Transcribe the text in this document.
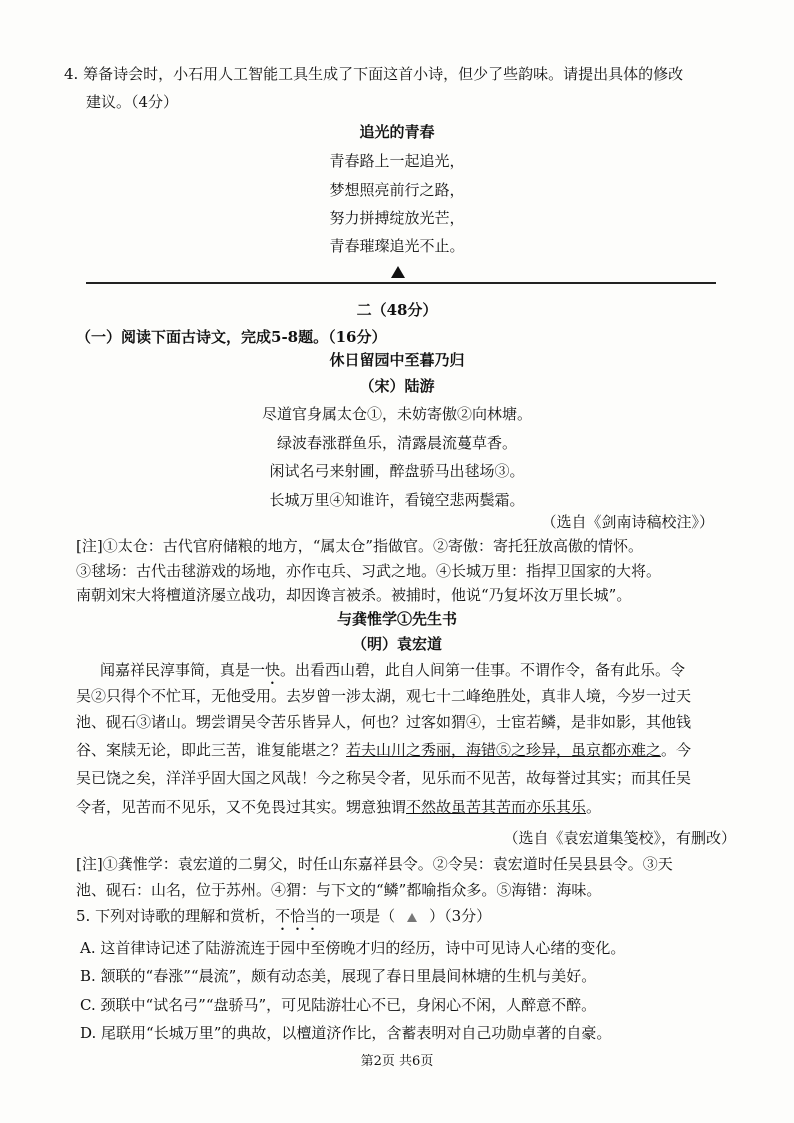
4. 筹备诗会时，小石用人工智能工具生成了下面这首小诗，但少了些韵味。请提出具体的修改
建议。（4分）
追光的青春
青春路上一起追光，
梦想照亮前行之路，
努力拼搏绽放光芒，
青春璀璨追光不止。
二（48分）
（一）阅读下面古诗文，完成5-8题。（16分）
休日留园中至暮乃归
（宋）陆游
尽道官身属太仓①，未妨寄傲②向林塘。
绿波春涨群鱼乐，清露晨流蔓草香。
闲试名弓来射圃，醉盘骄马出毬场③。
长城万里④知谁许，看镜空悲两鬓霜。
（选自《剑南诗稿校注》）
[注]①太仓：古代官府储粮的地方，“属太仓”指做官。②寄傲：寄托狂放高傲的情怀。
③毬场：古代击毬游戏的场地，亦作屯兵、习武之地。④长城万里：指捍卫国家的大将。
南朝刘宋大将檀道济屡立战功，却因谗言被杀。被捕时，他说“乃复坏汝万里长城”。
与龚惟学①先生书
（明）袁宏道
闻嘉祥民淳事简，真是一快。出看西山碧，此自人间第一佳事。不谓作令，备有此乐。令
吴②只得个不忙耳，无他受用。去岁曾一涉太湖，观七十二峰绝胜处，真非人境，今岁一过天
池、砚石③诸山。甥尝谓吴令苦乐皆异人，何也？过客如猬④，士宦若鳞，是非如影，其他钱
谷、案牍无论，即此三苦，谁复能堪之？若夫山川之秀丽，海错⑤之珍异，虽京都亦难之。今
吴已饶之矣，洋洋乎固大国之风哉！今之称吴令者，见乐而不见苦，故每誉过其实；而其任吴
令者，见苦而不见乐，又不免畏过其实。甥意独谓不然故虽苦其苦而亦乐其乐。
（选自《袁宏道集笺校》，有删改）
[注]①龚惟学：袁宏道的二舅父，时任山东嘉祥县令。②令吴：袁宏道时任吴县县令。③天
池、砚石：山名，位于苏州。④猬：与下文的“鳞”都喻指众多。⑤海错：海味。
5. 下列对诗歌的理解和赏析，不恰当的一项是（ ）（3分）
A. 这首律诗记述了陆游流连于园中至傍晚才归的经历，诗中可见诗人心绪的变化。
B. 颔联的“春涨”“晨流”，颇有动态美，展现了春日里晨间林塘的生机与美好。
C. 颈联中“试名弓”“盘骄马”，可见陆游壮心不已，身闲心不闲，人醉意不醉。
D. 尾联用“长城万里”的典故，以檀道济作比，含蓄表明对自己功勋卓著的自豪。
第2页 共6页
